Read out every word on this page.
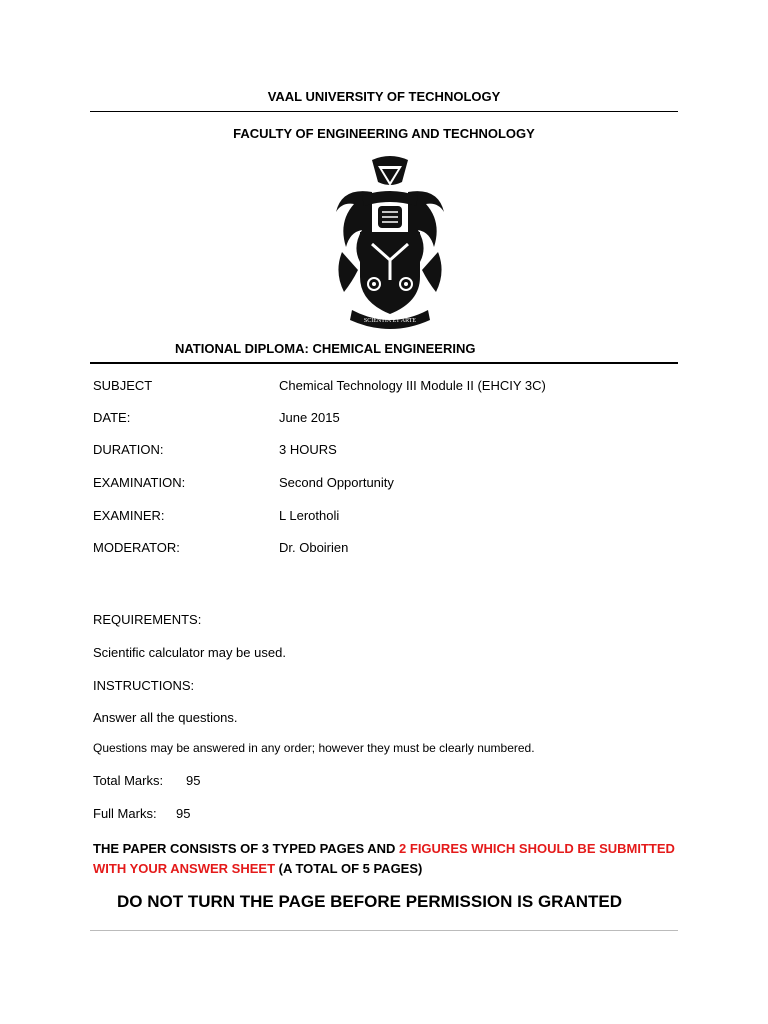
VAAL UNIVERSITY OF TECHNOLOGY
FACULTY OF ENGINEERING AND TECHNOLOGY
SCIENTIA ET ARTE
NATIONAL DIPLOMA: CHEMICAL ENGINEERING
SUBJECT	Chemical Technology III Module II (EHCIY 3C)
DATE:	June 2015
DURATION:	3 HOURS
EXAMINATION:	Second Opportunity
EXAMINER:	L Lerotholi
MODERATOR:	Dr. Oboirien
REQUIREMENTS:
Scientific calculator may be used.
INSTRUCTIONS:
Answer all the questions.
Questions may be answered in any order; however they must be clearly numbered.
Total Marks: 95
Full Marks: 95
THE PAPER CONSISTS OF 3 TYPED PAGES AND 2 FIGURES WHICH SHOULD BE SUBMITTED
WITH YOUR ANSWER SHEET (A TOTAL OF 5 PAGES)
DO NOT TURN THE PAGE BEFORE PERMISSION IS GRANTED
